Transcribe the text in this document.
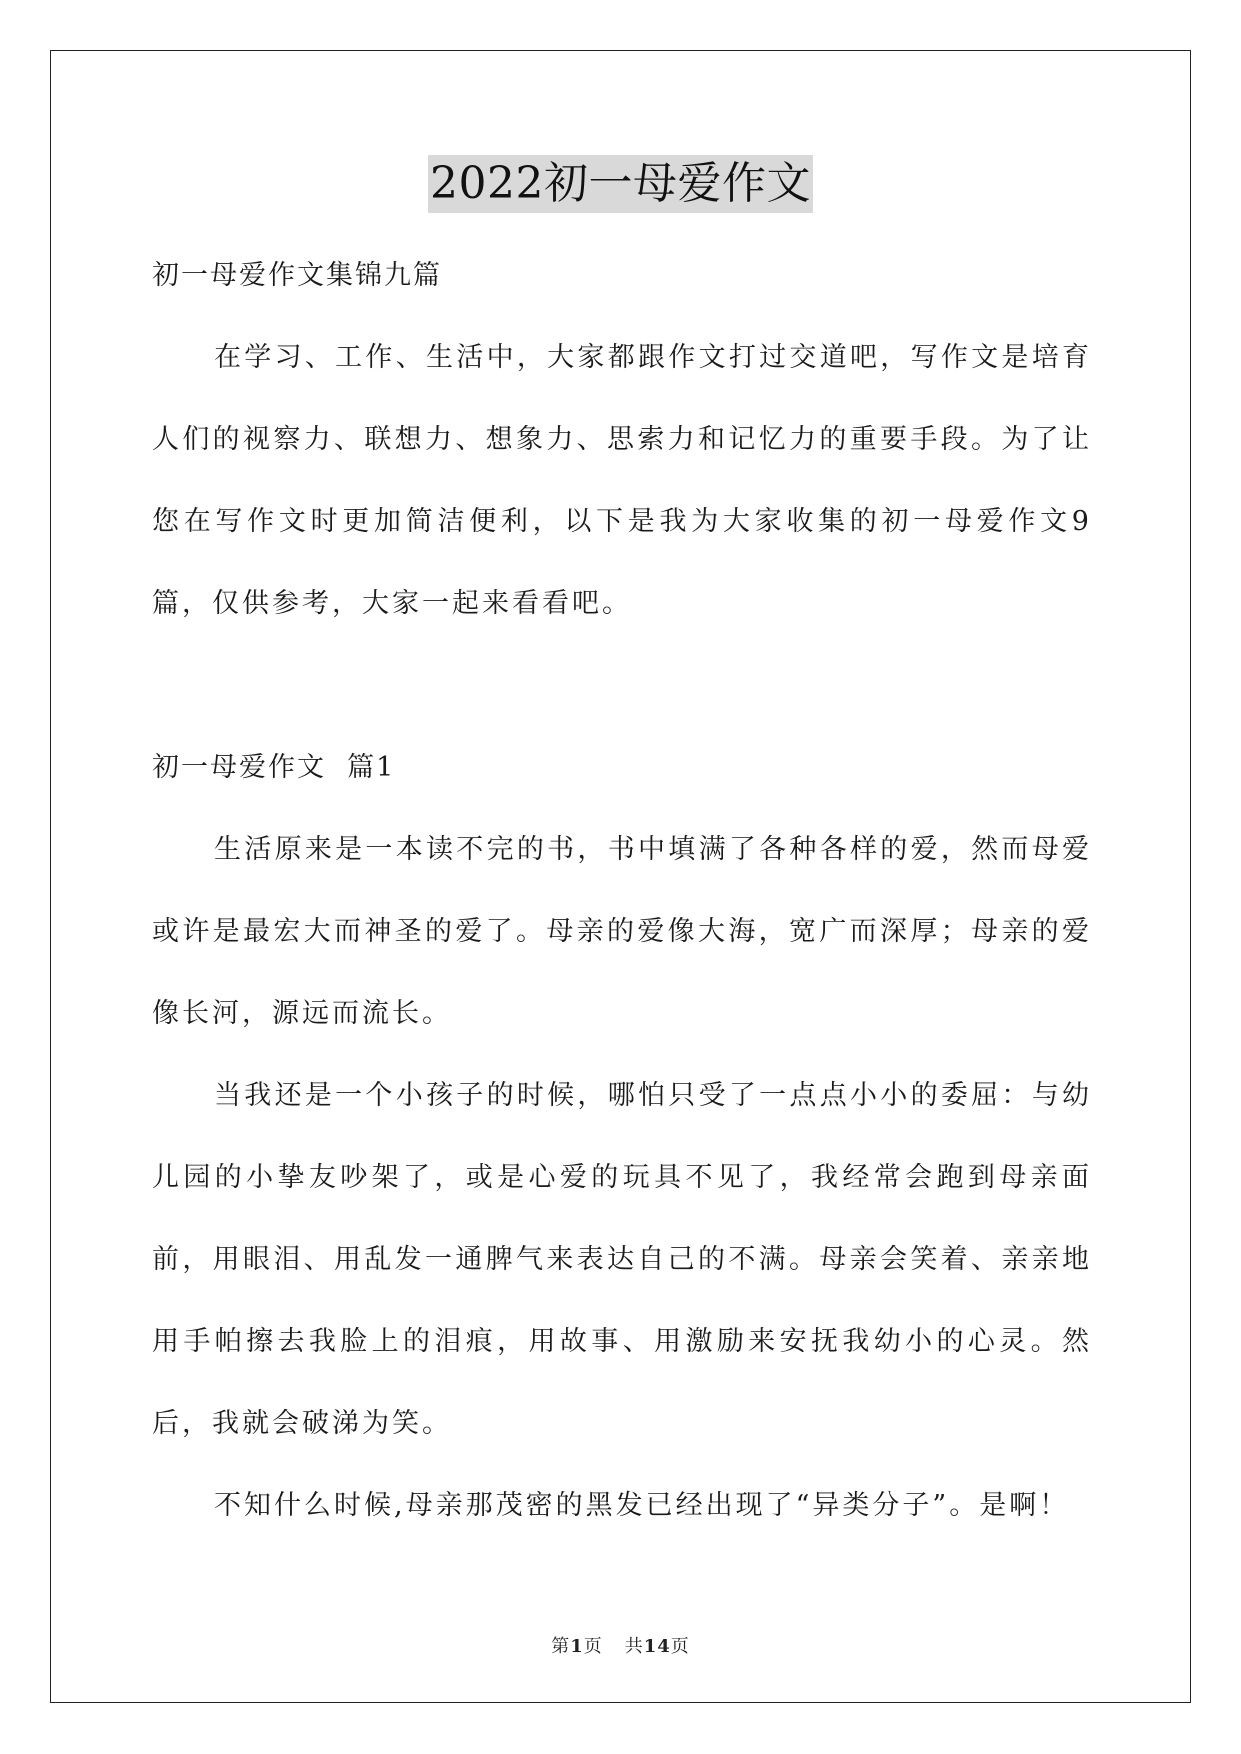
2022初一母爱作文

初一母爱作文集锦九篇

在学习、工作、生活中，大家都跟作文打过交道吧，写作文是培育人们的视察力、联想力、想象力、思索力和记忆力的重要手段。为了让您在写作文时更加简洁便利，以下是我为大家收集的初一母爱作文9篇，仅供参考，大家一起来看看吧。

初一母爱作文  篇1

生活原来是一本读不完的书，书中填满了各种各样的爱，然而母爱或许是最宏大而神圣的爱了。母亲的爱像大海，宽广而深厚；母亲的爱像长河，源远而流长。

当我还是一个小孩子的时候，哪怕只受了一点点小小的委屈：与幼儿园的小挚友吵架了，或是心爱的玩具不见了，我经常会跑到母亲面前，用眼泪、用乱发一通脾气来表达自己的不满。母亲会笑着、亲亲地用手帕擦去我脸上的泪痕，用故事、用激励来安抚我幼小的心灵。然后，我就会破涕为笑。

不知什么时候,母亲那茂密的黑发已经出现了“异类分子”。是啊！

第1页 共14页
